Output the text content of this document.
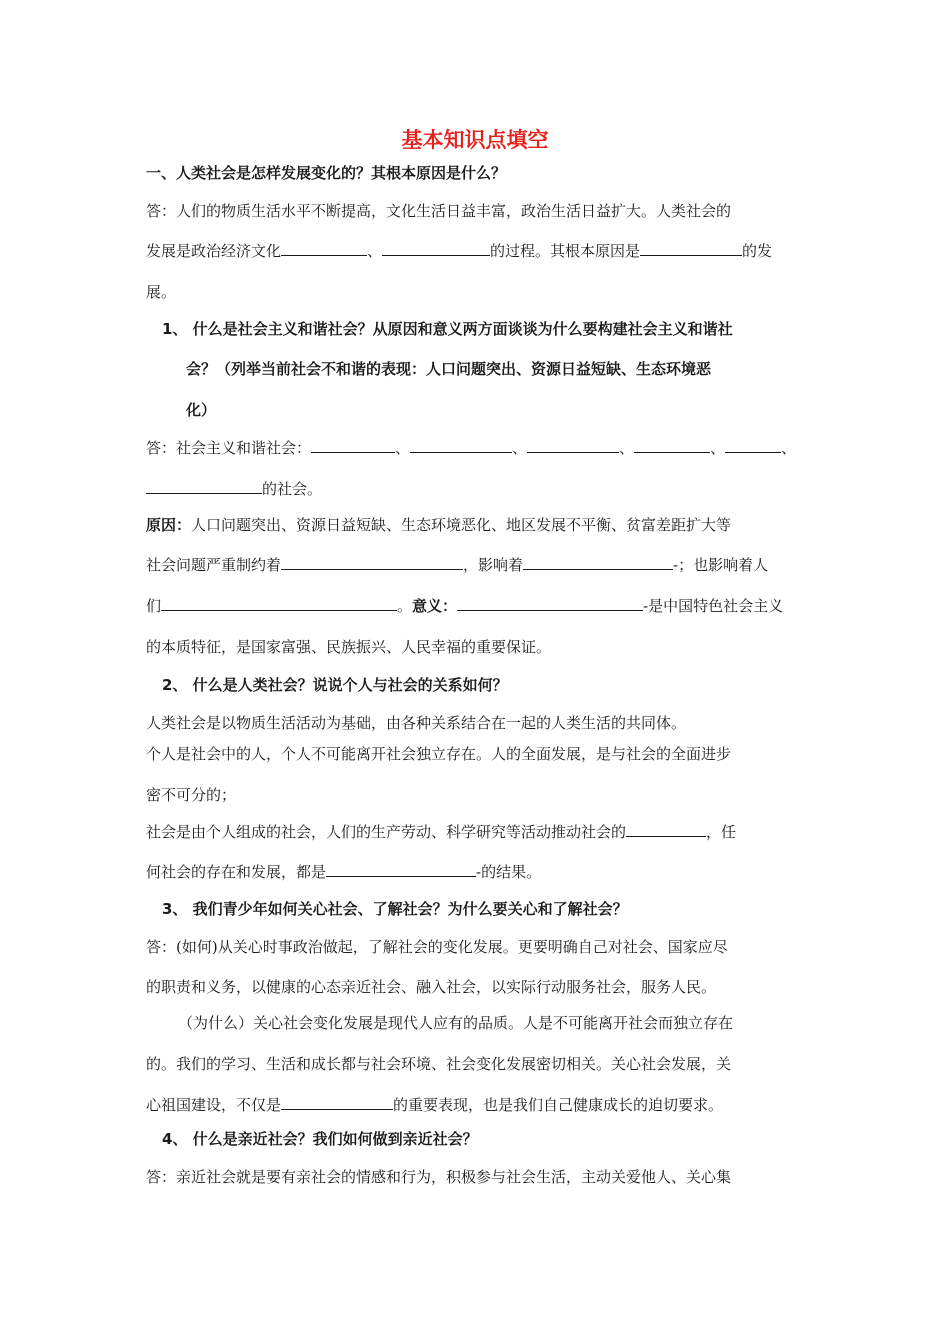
基本知识点填空
一、人类社会是怎样发展变化的？其根本原因是什么？
答：人们的物质生活水平不断提高，文化生活日益丰富，政治生活日益扩大。人类社会的
发展是政治经济文化	、	的过程。其根本原因是	的发
展。
1、 什么是社会主义和谐社会？从原因和意义两方面谈谈为什么要构建社会主义和谐社
会？（列举当前社会不和谐的表现：人口问题突出、资源日益短缺、生态环境恶
化）
答：社会主义和谐社会：	、	、	、	、	、
的社会。
原因：人口问题突出、资源日益短缺、生态环境恶化、地区发展不平衡、贫富差距扩大等
社会问题严重制约着	，影响着	-；也影响着人
们	。意义：	-是中国特色社会主义
的本质特征，是国家富强、民族振兴、人民幸福的重要保证。
2、 什么是人类社会？说说个人与社会的关系如何？
人类社会是以物质生活活动为基础，由各种关系结合在一起的人类生活的共同体。
个人是社会中的人，个人不可能离开社会独立存在。人的全面发展，是与社会的全面进步
密不可分的；
社会是由个人组成的社会，人们的生产劳动、科学研究等活动推动社会的	，任
何社会的存在和发展，都是	-的结果。
3、 我们青少年如何关心社会、了解社会？为什么要关心和了解社会？
答：(如何)从关心时事政治做起，了解社会的变化发展。更要明确自己对社会、国家应尽
的职责和义务，以健康的心态亲近社会、融入社会，以实际行动服务社会，服务人民。
（为什么）关心社会变化发展是现代人应有的品质。人是不可能离开社会而独立存在
的。我们的学习、生活和成长都与社会环境、社会变化发展密切相关。关心社会发展，关
心祖国建设，不仅是	的重要表现，也是我们自己健康成长的迫切要求。
4、 什么是亲近社会？我们如何做到亲近社会？
答：亲近社会就是要有亲社会的情感和行为，积极参与社会生活，主动关爱他人、关心集
